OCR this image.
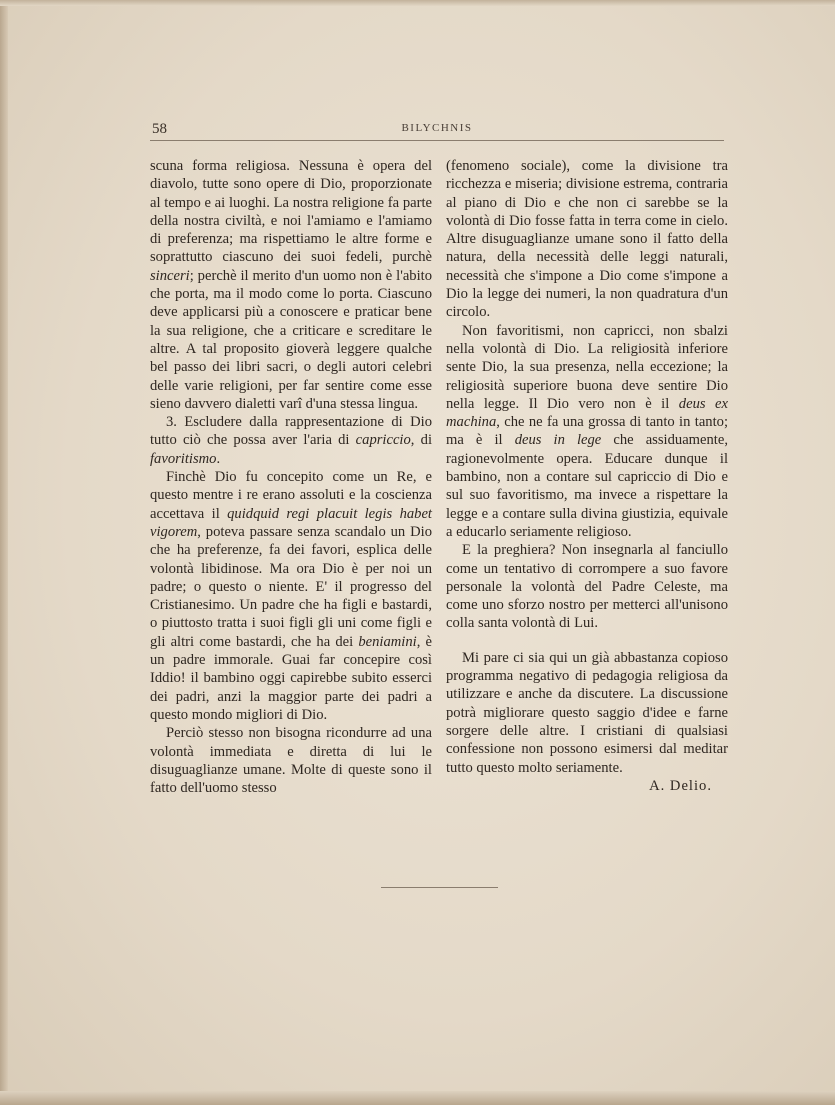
58	BILYCHNIS

scuna forma religiosa. Nessuna è opera del diavolo, tutte sono opere di Dio, proporzionate al tempo e ai luoghi. La nostra religione fa parte della nostra civiltà, e noi l'amiamo e l'amiamo di preferenza; ma rispettiamo le altre forme e soprattutto ciascuno dei suoi fedeli, purchè sinceri; perchè il merito d'un uomo non è l'abito che porta, ma il modo come lo porta. Ciascuno deve applicarsi più a conoscere e praticar bene la sua religione, che a criticare e screditare le altre. A tal proposito gioverà leggere qualche bel passo dei libri sacri, o degli autori celebri delle varie religioni, per far sentire come esse sieno davvero dialetti varî d'una stessa lingua.

3. Escludere dalla rappresentazione di Dio tutto ciò che possa aver l'aria di capriccio, di favoritismo.

Finchè Dio fu concepito come un Re, e questo mentre i re erano assoluti e la coscienza accettava il quidquid regi placuit legis habet vigorem, poteva passare senza scandalo un Dio che ha preferenze, fa dei favori, esplica delle volontà libidinose. Ma ora Dio è per noi un padre; o questo o niente. E' il progresso del Cristianesimo. Un padre che ha figli e bastardi, o piuttosto tratta i suoi figli gli uni come figli e gli altri come bastardi, che ha dei beniamini, è un padre immorale. Guai far concepire così Iddio! il bambino oggi capirebbe subito esserci dei padri, anzi la maggior parte dei padri a questo mondo migliori di Dio.

Perciò stesso non bisogna ricondurre ad una volontà immediata e diretta di lui le disuguaglianze umane. Molte di queste sono il fatto dell'uomo stesso

(fenomeno sociale), come la divisione tra ricchezza e miseria; divisione estrema, contraria al piano di Dio e che non ci sarebbe se la volontà di Dio fosse fatta in terra come in cielo. Altre disuguaglianze umane sono il fatto della natura, della necessità delle leggi naturali, necessità che s'impone a Dio come s'impone a Dio la legge dei numeri, la non quadratura d'un circolo.

Non favoritismi, non capricci, non sbalzi nella volontà di Dio. La religiosità inferiore sente Dio, la sua presenza, nella eccezione; la religiosità superiore buona deve sentire Dio nella legge. Il Dio vero non è il deus ex machina, che ne fa una grossa di tanto in tanto; ma è il deus in lege che assiduamente, ragionevolmente opera. Educare dunque il bambino, non a contare sul capriccio di Dio e sul suo favoritismo, ma invece a rispettare la legge e a contare sulla divina giustizia, equivale a educarlo seriamente religioso.

E la preghiera? Non insegnarla al fanciullo come un tentativo di corrompere a suo favore personale la volontà del Padre Celeste, ma come uno sforzo nostro per metterci all'unisono colla santa volontà di Lui.

Mi pare ci sia qui un già abbastanza copioso programma negativo di pedagogia religiosa da utilizzare e anche da discutere. La discussione potrà migliorare questo saggio d'idee e farne sorgere delle altre. I cristiani di qualsiasi confessione non possono esimersi dal meditar tutto questo molto seriamente.

A. Delio.
